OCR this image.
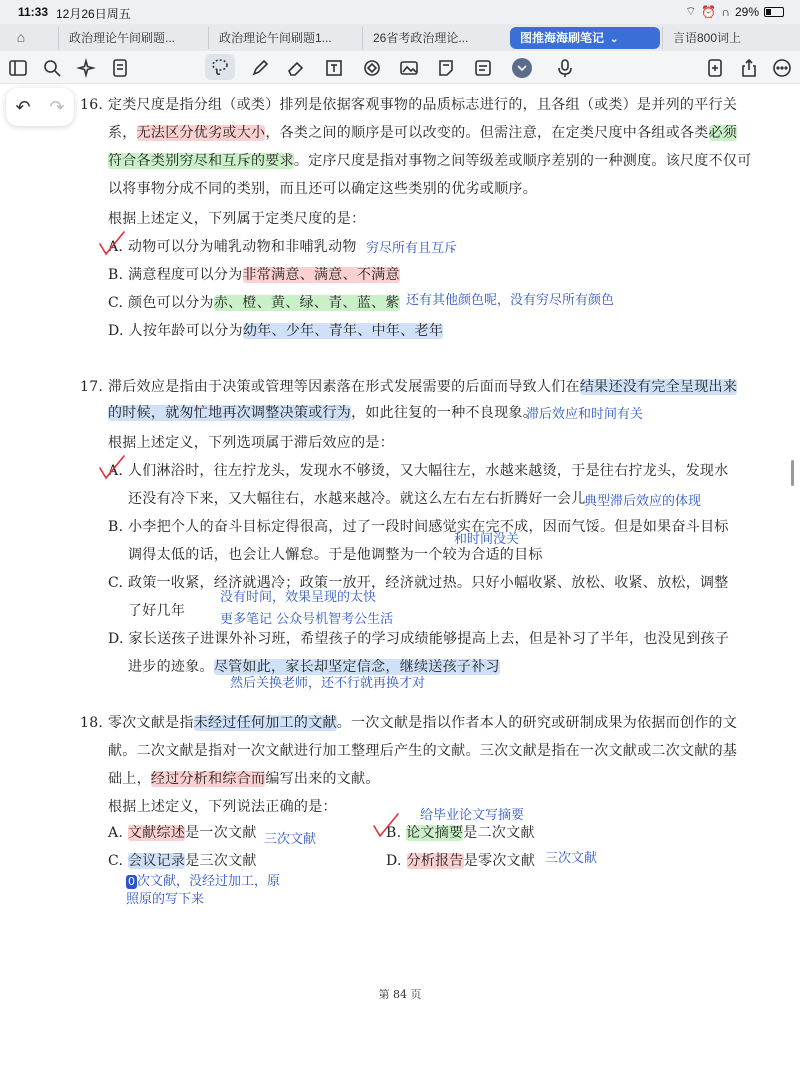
11:33 12月26日周五	⌔ ⏰ ∩ 29%
⌂	政治理论午间刷题...	政治理论午间刷题1...	26省考政治理论...	图推海海刷笔记 ⌄	言语800词上
↶ ↷ 16. 定类尺度是指分组（或类）排列是依据客观事物的品质标志进行的，且各组（或类）是并列的平行关
系，无法区分优劣或大小，各类之间的顺序是可以改变的。但需注意，在定类尺度中各组或各类必须
符合各类别穷尽和互斥的要求。定序尺度是指对事物之间等级差或顺序差别的一种测度。该尺度不仅可
以将事物分成不同的类别，而且还可以确定这些类别的优劣或顺序。
根据上述定义，下列属于定类尺度的是：
A. 动物可以分为哺乳动物和非哺乳动物 穷尽所有且互斥
B. 满意程度可以分为非常满意、满意、不满意
C. 颜色可以分为赤、橙、黄、绿、青、蓝、紫 还有其他颜色呢，没有穷尽所有颜色
D. 人按年龄可以分为幼年、少年、青年、中年、老年
17. 滞后效应是指由于决策或管理等因素落在形式发展需要的后面而导致人们在结果还没有完全呈现出来
的时候，就匆忙地再次调整决策或行为，如此往复的一种不良现象。
滞后效应和时间有关
根据上述定义，下列选项属于滞后效应的是：
A. 人们淋浴时，往左拧龙头，发现水不够烫，又大幅往左，水越来越烫，于是往右拧龙头，发现水
还没有冷下来，又大幅往右，水越来越冷。就这么左右左右折腾好一会儿
典型滞后效应的体现
B. 小李把个人的奋斗目标定得很高，过了一段时间感觉实在完不成，因而气馁。但是如果奋斗目标
和时间没关
调得太低的话，也会让人懈怠。于是他调整为一个较为合适的目标
C. 政策一收紧，经济就遇冷；政策一放开，经济就过热。只好小幅收紧、放松、收紧、放松，调整
了好几年
没有时间，效果呈现的太快
更多笔记 公众号机智考公生活
D. 家长送孩子进课外补习班，希望孩子的学习成绩能够提高上去，但是补习了半年，也没见到孩子
进步的迹象。尽管如此，家长却坚定信念，继续送孩子补习
然后关换老师，还不行就再换才对
18. 零次文献是指未经过任何加工的文献。一次文献是指以作者本人的研究或研制成果为依据而创作的文
献。二次文献是指对一次文献进行加工整理后产生的文献。三次文献是指在一次文献或二次文献的基
础上，经过分析和综合而编写出来的文献。
根据上述定义，下列说法正确的是：
A. 文献综述是一次文献 三次文献
给毕业论文写摘要
B. 论文摘要是二次文献
C. 会议记录是三次文献
0 次文献，没经过加工，原
照原的写下来
D. 分析报告是零次文献 三次文献
第 84 页
